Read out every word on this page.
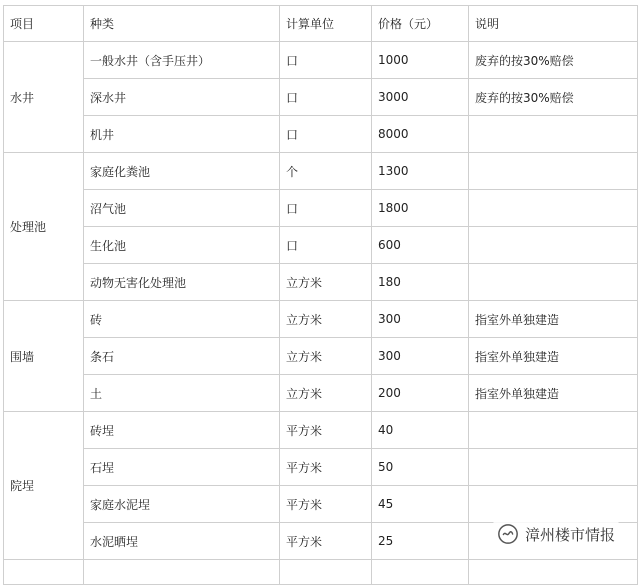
项目	种类	计算单位	价格（元）	说明
水井	一般水井（含手压井）	口	1000	废弃的按30%赔偿
	深水井	口	3000	废弃的按30%赔偿
	机井	口	8000	
处理池	家庭化粪池	个	1300	
	沼气池	口	1800	
	生化池	口	600	
	动物无害化处理池	立方米	180	
围墙	砖	立方米	300	指室外单独建造
	条石	立方米	300	指室外单独建造
	土	立方米	200	指室外单独建造
院埕	砖埕	平方米	40	
	石埕	平方米	50	
	家庭水泥埕	平方米	45	
	水泥晒埕	平方米	25	
					漳州楼市情报
